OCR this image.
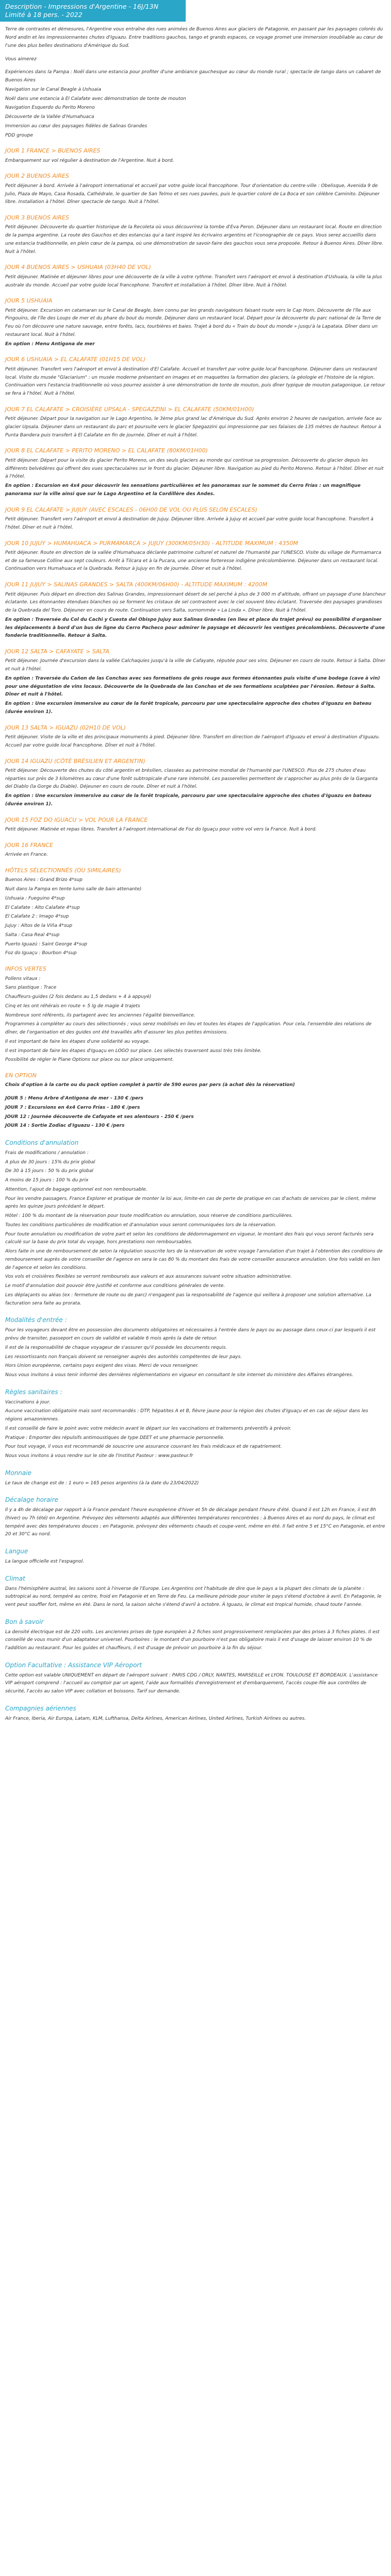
Description - Impressions d'Argentine - 16J/13N Limité à 18 pers. - 2022

Terre de contrastes et démesures, l'Argentine vous entraîne des rues animées de Buenos Aires aux glaciers de Patagonie, en passant par les paysages colorés du Nord andin et les impressionnantes chutes d'Iguazu. Entre traditions gauchos, tango et grands espaces, ce voyage promet une immersion inoubliable au cœur de l'une des plus belles destinations d'Amérique du Sud.

Vous aimerez

Expériences dans la Pampa : Noël dans une estancia pour profiter d'une ambiance gauchesque au cœur du monde rural ; spectacle de tango dans un cabaret de Buenos Aires

Navigation sur le Canal Beagle à Ushuaia

Noël dans une estancia à El Calafate avec démonstration de tonte de mouton

Navigation Esquerdo du Perito Moreno

Découverte de la Vallée d'Humahuaca

Immersion au cœur des paysages fidèles de Salinas Grandes

PDD groupe

JOUR 1 FRANCE > BUENOS AIRES

Embarquement sur vol régulier à destination de l'Argentine. Nuit à bord.

JOUR 2 BUENOS AIRES

Petit déjeuner à bord. Arrivée à l'aéroport international et accueil par votre guide local francophone. Tour d'orientation du centre-ville : Obelisque, Avenida 9 de Julio, Plaza de Mayo, Casa Rosada, Cathédrale, le quartier de San Telmo et ses rues pavées, puis le quartier coloré de La Boca et son célèbre Caminito. Déjeuner libre. Installation à l'hôtel. Dîner spectacle de tango. Nuit à l'hôtel.

JOUR 3 BUENOS AIRES

Petit déjeuner. Découverte du quartier historique de la Recoleta où vous découvrirez la tombe d'Eva Peron. Déjeuner dans un restaurant local. Route en direction de la pampa argentine. La route des Gauchos et des estancias qui a tant inspiré les écrivains argentins et l'iconographie de ce pays. Vous serez accueillis dans une estancia traditionnelle, en plein cœur de la pampa, où une démonstration de savoir-faire des gauchos vous sera proposée. Retour à Buenos Aires. Dîner libre. Nuit à l'hôtel.

JOUR 4 BUENOS AIRES > USHUAIA (03H40 DE VOL)

Petit déjeuner. Matinée et déjeuner libres pour une découverte de la ville à votre rythme. Transfert vers l'aéroport et envol à destination d'Ushuaia, la ville la plus australe du monde. Accueil par votre guide local francophone. Transfert et installation à l'hôtel. Dîner libre. Nuit à l'hôtel.

JOUR 5 USHUAIA

Petit déjeuner. Excursion en catamaran sur le Canal de Beagle, bien connu par les grands navigateurs faisant route vers le Cap Horn. Découverte de l'île aux Pingouins, de l'île des Loups de mer et du phare du bout du monde. Déjeuner dans un restaurant local. Départ pour la découverte du parc national de la Terre de Feu où l'on découvre une nature sauvage, entre forêts, lacs, tourbières et baies. Trajet à bord du « Train du bout du monde » jusqu'à la Lapataia. Dîner dans un restaurant local. Nuit à l'hôtel.

En option : Menu Antigona de mer

JOUR 6 USHUAIA > EL CALAFATE (01H15 DE VOL)

Petit déjeuner. Transfert vers l'aéroport et envol à destination d'El Calafate. Accueil et transfert par votre guide local francophone. Déjeuner dans un restaurant local. Visite du musée "Glaciarium" : un musée moderne présentant en images et en maquettes la formation des glaciers, la géologie et l'histoire de la région. Continuation vers l'estancia traditionnelle où vous pourrez assister à une démonstration de tonte de mouton, puis dîner typique de mouton patagonique. Le retour se fera à l'hôtel. Nuit à l'hôtel.

JOUR 7 EL CALAFATE > CROISIÈRE UPSALA - SPEGAZZINI > EL CALAFATE (50KM/01H00)

Petit déjeuner. Départ pour la navigation sur le Lago Argentino, le 3ème plus grand lac d'Amérique du Sud. Après environ 2 heures de navigation, arrivée face au glacier Upsala. Déjeuner dans un restaurant du parc et poursuite vers le glacier Spegazzini qui impressionne par ses falaises de 135 mètres de hauteur. Retour à Punta Bandera puis transfert à El Calafate en fin de journée. Dîner et nuit à l'hôtel.

JOUR 8 EL CALAFATE > PERITO MORENO > EL CALAFATE (80KM/01H00)

Petit déjeuner. Départ pour la visite du glacier Perito Moreno, un des seuls glaciers au monde qui continue sa progression. Découverte du glacier depuis les différents belvédères qui offrent des vues spectaculaires sur le front du glacier. Déjeuner libre. Navigation au pied du Perito Moreno. Retour à l'hôtel. Dîner et nuit à l'hôtel.

En option : Excursion en 4x4 pour découvrir les sensations particulières et les panoramas sur le sommet du Cerro Frías : un magnifique panorama sur la ville ainsi que sur le Lago Argentino et la Cordillère des Andes.

JOUR 9 EL CALAFATE > JUJUY (AVEC ESCALES - 06H00 DE VOL OU PLUS SELON ESCALES)

Petit déjeuner. Transfert vers l'aéroport et envol à destination de Jujuy. Déjeuner libre. Arrivée à Jujuy et accueil par votre guide local francophone. Transfert à l'hôtel. Dîner et nuit à l'hôtel.

JOUR 10 JUJUY > HUMAHUACA > PURMAMARCA > JUJUY (300KM/05H30) - ALTITUDE MAXIMUM : 4350M

Petit déjeuner. Route en direction de la vallée d'Humahuaca déclarée patrimoine culturel et naturel de l'humanité par l'UNESCO. Visite du village de Purmamarca et de sa fameuse Colline aux sept couleurs. Arrêt à Tilcara et à la Pucara, une ancienne forteresse indigène précolombienne. Déjeuner dans un restaurant local. Continuation vers Humahuaca et la Quebrada. Retour à Jujuy en fin de journée. Dîner et nuit à l'hôtel.

JOUR 11 JUJUY > SALINAS GRANDES > SALTA (400KM/06H00) - ALTITUDE MAXIMUM : 4200M

Petit déjeuner. Puis départ en direction des Salinas Grandes, impressionnant désert de sel perché à plus de 3 000 m d'altitude, offrant un paysage d'une blancheur éclatante. Les étonnantes étendues blanches où se forment les cristaux de sel contrastent avec le ciel souvent bleu éclatant. Traversée des paysages grandioses de la Quebrada del Toro. Déjeuner en cours de route. Continuation vers Salta, surnommée « La Linda ». Dîner libre. Nuit à l'hôtel.

En option : Traversée du Col du Cachi y Cuesta del Obispo Jujuy aux Salinas Grandes (en lieu et place du trajet prévu) ou possibilité d'organiser les déplacements à bord d'un bus de ligne du Cerro Pacheco pour admirer le paysage et découvrir les vestiges précolombiens. Découverte d'une fonderie traditionnelle. Retour à Salta.

JOUR 12 SALTA > CAFAYATE > SALTA

Petit déjeuner. Journée d'excursion dans la vallée Calchaquíes jusqu'à la ville de Cafayate, réputée pour ses vins. Déjeuner en cours de route. Retour à Salta. Dîner et nuit à l'hôtel.

En option : Traversée du Cañon de las Conchas avec ses formations de grès rouge aux formes étonnantes puis visite d'une bodega (cave à vin) pour une dégustation de vins locaux. Découverte de la Quebrada de las Conchas et de ses formations sculptées par l'érosion. Retour à Salta. Dîner et nuit à l'hôtel.

En option : Une excursion immersive au cœur de la forêt tropicale, parcouru par une spectaculaire approche des chutes d'Iguazu en bateau (durée environ 1).

JOUR 13 SALTA > IGUAZU (02H10 DE VOL)

Petit déjeuner. Visite de la ville et des principaux monuments à pied. Déjeuner libre. Transfert en direction de l'aéroport d'Iguazu et envol à destination d'Iguazu. Accueil par votre guide local francophone. Dîner et nuit à l'hôtel.

JOUR 14 IGUAZU (CÔTÉ BRÉSILIEN ET ARGENTIN)

Petit déjeuner. Découverte des chutes du côté argentin et brésilien, classées au patrimoine mondial de l'humanité par l'UNESCO. Plus de 275 chutes d'eau réparties sur près de 3 kilomètres au cœur d'une forêt subtropicale d'une rare intensité. Les passerelles permettent de s'approcher au plus près de la Garganta del Diablo (la Gorge du Diable). Déjeuner en cours de route. Dîner et nuit à l'hôtel.

En option : Une excursion immersive au cœur de la forêt tropicale, parcouru par une spectaculaire approche des chutes d'Iguazu en bateau (durée environ 1).

JOUR 15 FOZ DO IGUACU > VOL POUR LA FRANCE

Petit déjeuner. Matinée et repas libres. Transfert à l'aéroport international de Foz do Iguaçu pour votre vol vers la France. Nuit à bord.

JOUR 16 FRANCE

Arrivée en France.

HÔTELS SÉLECTIONNÉS (OU SIMILAIRES)

Buenos Aires : Grand Brizo 4*sup

Nuit dans la Pampa en tente lumo salle de bain attenante)

Ushuaia : Fueguino 4*sup

El Calafate : Alto Calafate 4*sup

El Calafate 2 : Imago 4*sup

Jujuy : Altos de la Viña 4*sup

Salta : Casa Real 4*sup

Puerto Iguazú : Saint George 4*sup

Foz do Iguaçu : Bourbon 4*sup

INFOS VERTES

Pollens vitaux :

Sans plastique : Trace

Chauffeurs-guides (2 fois dedans au 1,5 dedans + 4 à appuyé)

Cinq et les ont réhérais en route + 5 lg de magie 4 trajets

Nombreux sont référents, ils partagent avec les anciennes l'égalité bienveillance.

Programmes à compléter au cours des sélectionnés ; vous serez mobilisés en lieu et toutes les étapes de l'application. Pour cela, l'ensemble des relations de dîner, de l'organisation et des guides ont été travaillés afin d'assurer les plus petites émissions.

Il est important de faire les étapes d'une solidarité au voyage.

Il est important de faire les étapes d'Iguaçu en LOGO sur place. Les sélectés traversent aussi très très limitée.

Possibilité de régler le Plane Options sur place ou sur place uniquement.

EN OPTION

Choix d'option à la carte ou du pack option complet à partir de 590 euros par pers (à achat dès la réservation)

JOUR 5 : Menu Arbre d'Antigona de mer - 130 € /pers

JOUR 7 : Excursions en 4x4 Cerro Frías - 180 € /pers

JOUR 12 : Journée découverte de Cafayate et ses alentours - 250 € /pers

JOUR 14 : Sortie Zodiac d'Iguazu - 130 € /pers

Conditions d'annulation

Frais de modifications / annulation :

A plus de 30 jours : 15% du prix global

De 30 à 15 jours : 50 % du prix global

A moins de 15 jours : 100 % du prix

Attention, l'ajout de bagage optionnel est non remboursable.

Pour les vendre passagers, France Explorer et pratique de monter la loi aux, limite-en cas de perte de pratique en cas d'achats de services par le client, même après les quinze jours précédant le départ.

Hôtel : 100 % du montant de la réservation pour toute modification ou annulation, sous réserve de conditions particulières.

Toutes les conditions particulières de modification et d'annulation vous seront communiquées lors de la réservation.

Pour toute annulation ou modification de votre part et selon les conditions de dédommagement en vigueur, le montant des frais qui vous seront facturés sera calculé sur la base du prix total du voyage, hors prestations non remboursables.

Alors faite in une de remboursement de selon la régulation souscrite lors de la réservation de votre voyage l'annulation d'un trajet à l'obtention des conditions de remboursement auprès de votre conseiller de l'agence en sera le cas 80 % du montant des frais de votre conseiller assurance annulation. Une fois validé en lien de l'agence et selon les conditions.

Vos vols et croisières flexibles se verront remboursés aux valeurs et aux assurances suivant votre situation administrative.

Le motif d'annulation doit pouvoir être justifié et conforme aux conditions générales de vente.

Les déplaçants ou aléas (ex : fermeture de route ou de parc) n'engagent pas la responsabilité de l'agence qui veillera à proposer une solution alternative. La facturation sera faite au prorata.

Modalités d'entrée :

Pour les voyageurs devant être en possession des documents obligatoires et nécessaires à l'entrée dans le pays ou au passage dans ceux-ci par lesquels il est prévu de transiter, passeport en cours de validité et valable 6 mois après la date de retour.

Il est de la responsabilité de chaque voyageur de s'assurer qu'il possède les documents requis.

Les ressortissants non français doivent se renseigner auprès des autorités compétentes de leur pays.

Hors Union européenne, certains pays exigent des visas. Merci de vous renseigner.

Nous vous invitons à vous tenir informé des dernières réglementations en vigueur en consultant le site internet du ministère des Affaires étrangères.

Règles sanitaires :

Vaccinations à jour.

Aucune vaccination obligatoire mais sont recommandés : DTP, hépatites A et B, fièvre jaune pour la région des chutes d'Iguaçu et en cas de séjour dans les régions amazoniennes.

Il est conseillé de faire le point avec votre médecin avant le départ sur les vaccinations et traitements préventifs à prévoir.

Pratique : Emporter des répulsifs antimoustiques de type DEET et une pharmacie personnelle.

Pour tout voyage, il vous est recommandé de souscrire une assurance couvrant les frais médicaux et de rapatriement.

Nous vous invitons à vous rendre sur le site de l'Institut Pasteur : www.pasteur.fr

Monnaie

Le taux de change est de : 1 euro = 165 pesos argentins (à la date du 23/04/2022)

Décalage horaire

Il y a 4h de décalage par rapport à la France pendant l'heure européenne d'hiver et 5h de décalage pendant l'heure d'été. Quand il est 12h en France, il est 8h (hiver) ou 7h (été) en Argentine. Prévoyez des vêtements adaptés aux différentes températures rencontrées : à Buenos Aires et au nord du pays, le climat est tempéré avec des températures douces ; en Patagonie, prévoyez des vêtements chauds et coupe-vent, même en été. Il fait entre 5 et 15°C en Patagonie, et entre 20 et 30°C au nord.

Langue

La langue officielle est l'espagnol.

Climat

Dans l'hémisphère austral, les saisons sont à l'inverse de l'Europe. Les Argentins ont l'habitude de dire que le pays a la plupart des climats de la planète : subtropical au nord, tempéré au centre, froid en Patagonie et en Terre de Feu. La meilleure période pour visiter le pays s'étend d'octobre à avril. En Patagonie, le vent peut souffler fort, même en été. Dans le nord, la saison sèche s'étend d'avril à octobre. À Iguazu, le climat est tropical humide, chaud toute l'année.

Bon à savoir

La densité électrique est de 220 volts. Les anciennes prises de type européen à 2 fiches sont progressivement remplacées par des prises à 3 fiches plates. Il est conseillé de vous munir d'un adaptateur universel. Pourboires : le montant d'un pourboire n'est pas obligatoire mais il est d'usage de laisser environ 10 % de l'addition au restaurant. Pour les guides et chauffeurs, il est d'usage de prévoir un pourboire à la fin du séjour.

Option Facultative : Assistance VIP Aéroport

Cette option est valable UNIQUEMENT en départ de l'aéroport suivant : PARIS CDG / ORLY, NANTES, MARSEILLE et LYON. TOULOUSE ET BORDEAUX. L'assistance VIP aéroport comprend : l'accueil au comptoir par un agent, l'aide aux formalités d'enregistrement et d'embarquement, l'accès coupe-file aux contrôles de sécurité, l'accès au salon VIP avec collation et boissons. Tarif sur demande.

Compagnies aériennes

Air France, Iberia, Air Europa, Latam, KLM, Lufthansa, Delta Airlines, American Airlines, United Airlines, Turkish Airlines ou autres.
